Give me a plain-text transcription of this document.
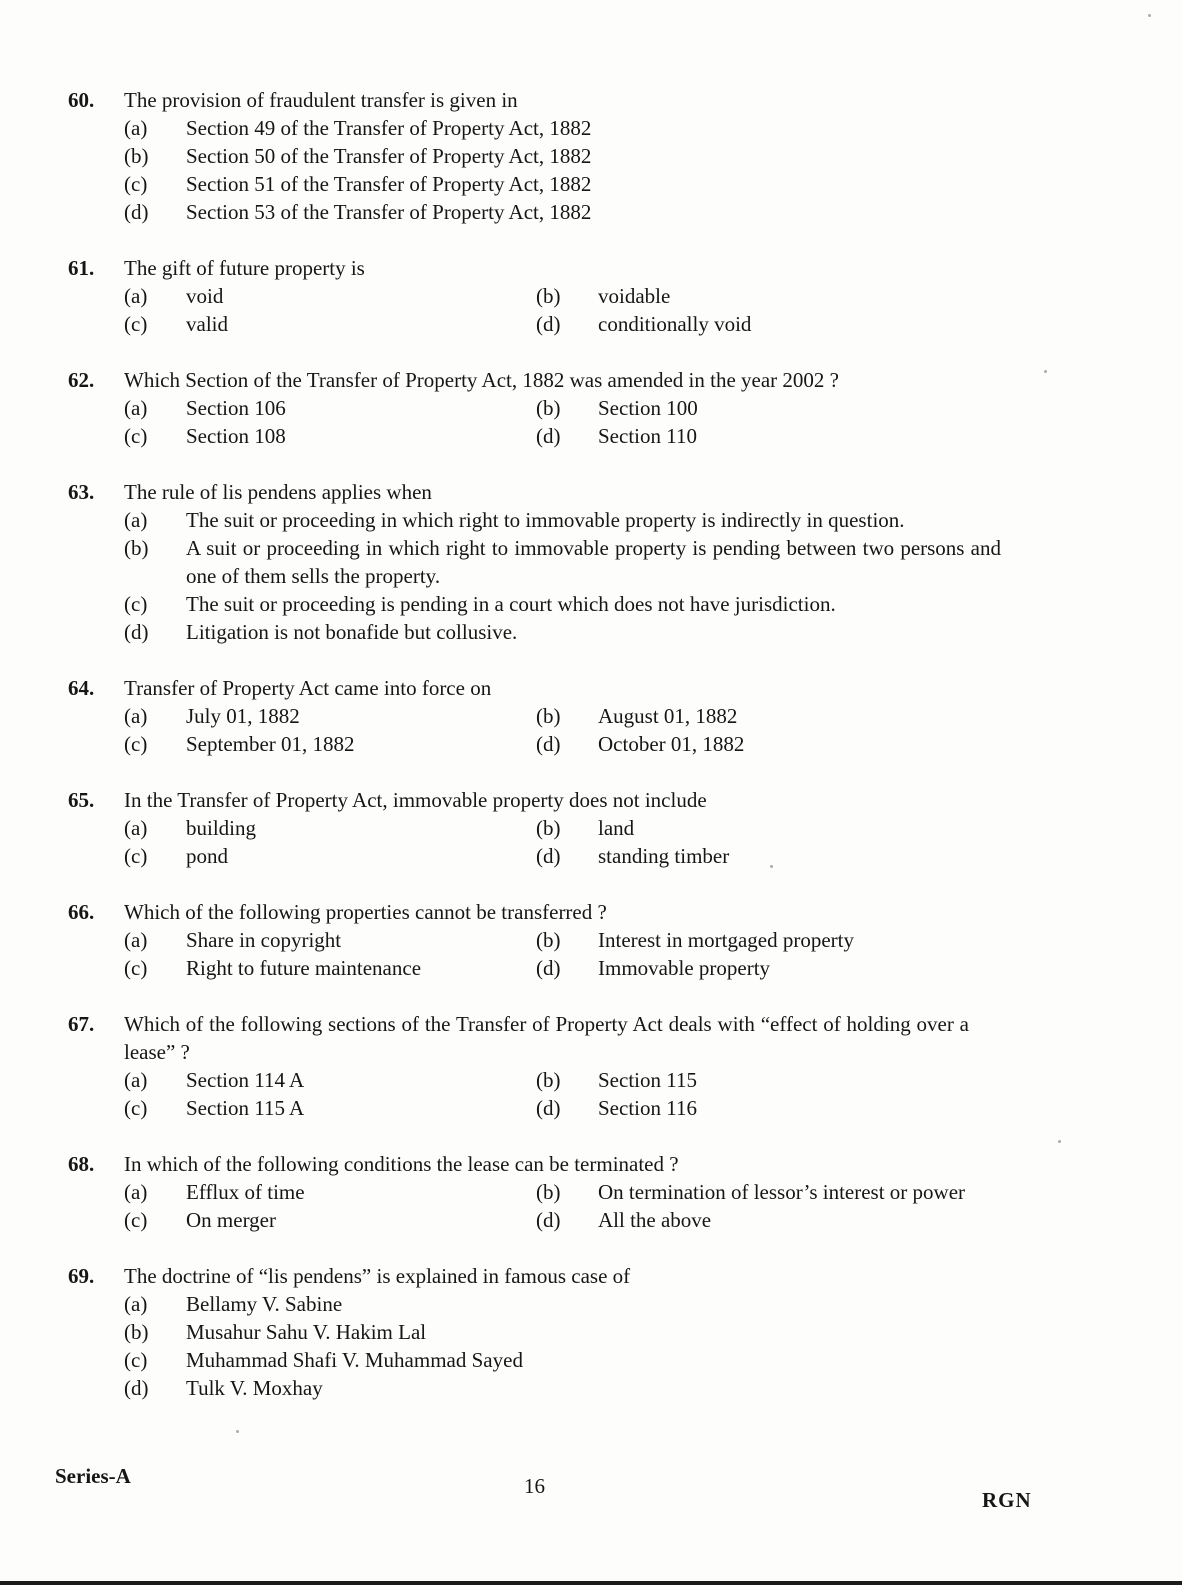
60.	The provision of fraudulent transfer is given in
(a)	Section 49 of the Transfer of Property Act, 1882
(b)	Section 50 of the Transfer of Property Act, 1882
(c)	Section 51 of the Transfer of Property Act, 1882
(d)	Section 53 of the Transfer of Property Act, 1882
61.	The gift of future property is
(a)	void	(b)	voidable
(c)	valid	(d)	conditionally void
62.	Which Section of the Transfer of Property Act, 1882 was amended in the year 2002 ?
(a)	Section 106	(b)	Section 100
(c)	Section 108	(d)	Section 110
63.	The rule of lis pendens applies when
(a)	The suit or proceeding in which right to immovable property is indirectly in question.
(b)	A suit or proceeding in which right to immovable property is pending between two persons and one of them sells the property.
(c)	The suit or proceeding is pending in a court which does not have jurisdiction.
(d)	Litigation is not bonafide but collusive.
64.	Transfer of Property Act came into force on
(a)	July 01, 1882	(b)	August 01, 1882
(c)	September 01, 1882	(d)	October 01, 1882
65.	In the Transfer of Property Act, immovable property does not include
(a)	building	(b)	land
(c)	pond	(d)	standing timber
66.	Which of the following properties cannot be transferred ?
(a)	Share in copyright	(b)	Interest in mortgaged property
(c)	Right to future maintenance	(d)	Immovable property
67.	Which of the following sections of the Transfer of Property Act deals with “effect of holding over a lease” ?
(a)	Section 114 A	(b)	Section 115
(c)	Section 115 A	(d)	Section 116
68.	In which of the following conditions the lease can be terminated ?
(a)	Efflux of time	(b)	On termination of lessor’s interest or power
(c)	On merger	(d)	All the above
69.	The doctrine of “lis pendens” is explained in famous case of
(a)	Bellamy V. Sabine
(b)	Musahur Sahu V. Hakim Lal
(c)	Muhammad Shafi V. Muhammad Sayed
(d)	Tulk V. Moxhay
Series-A	16
RGN
